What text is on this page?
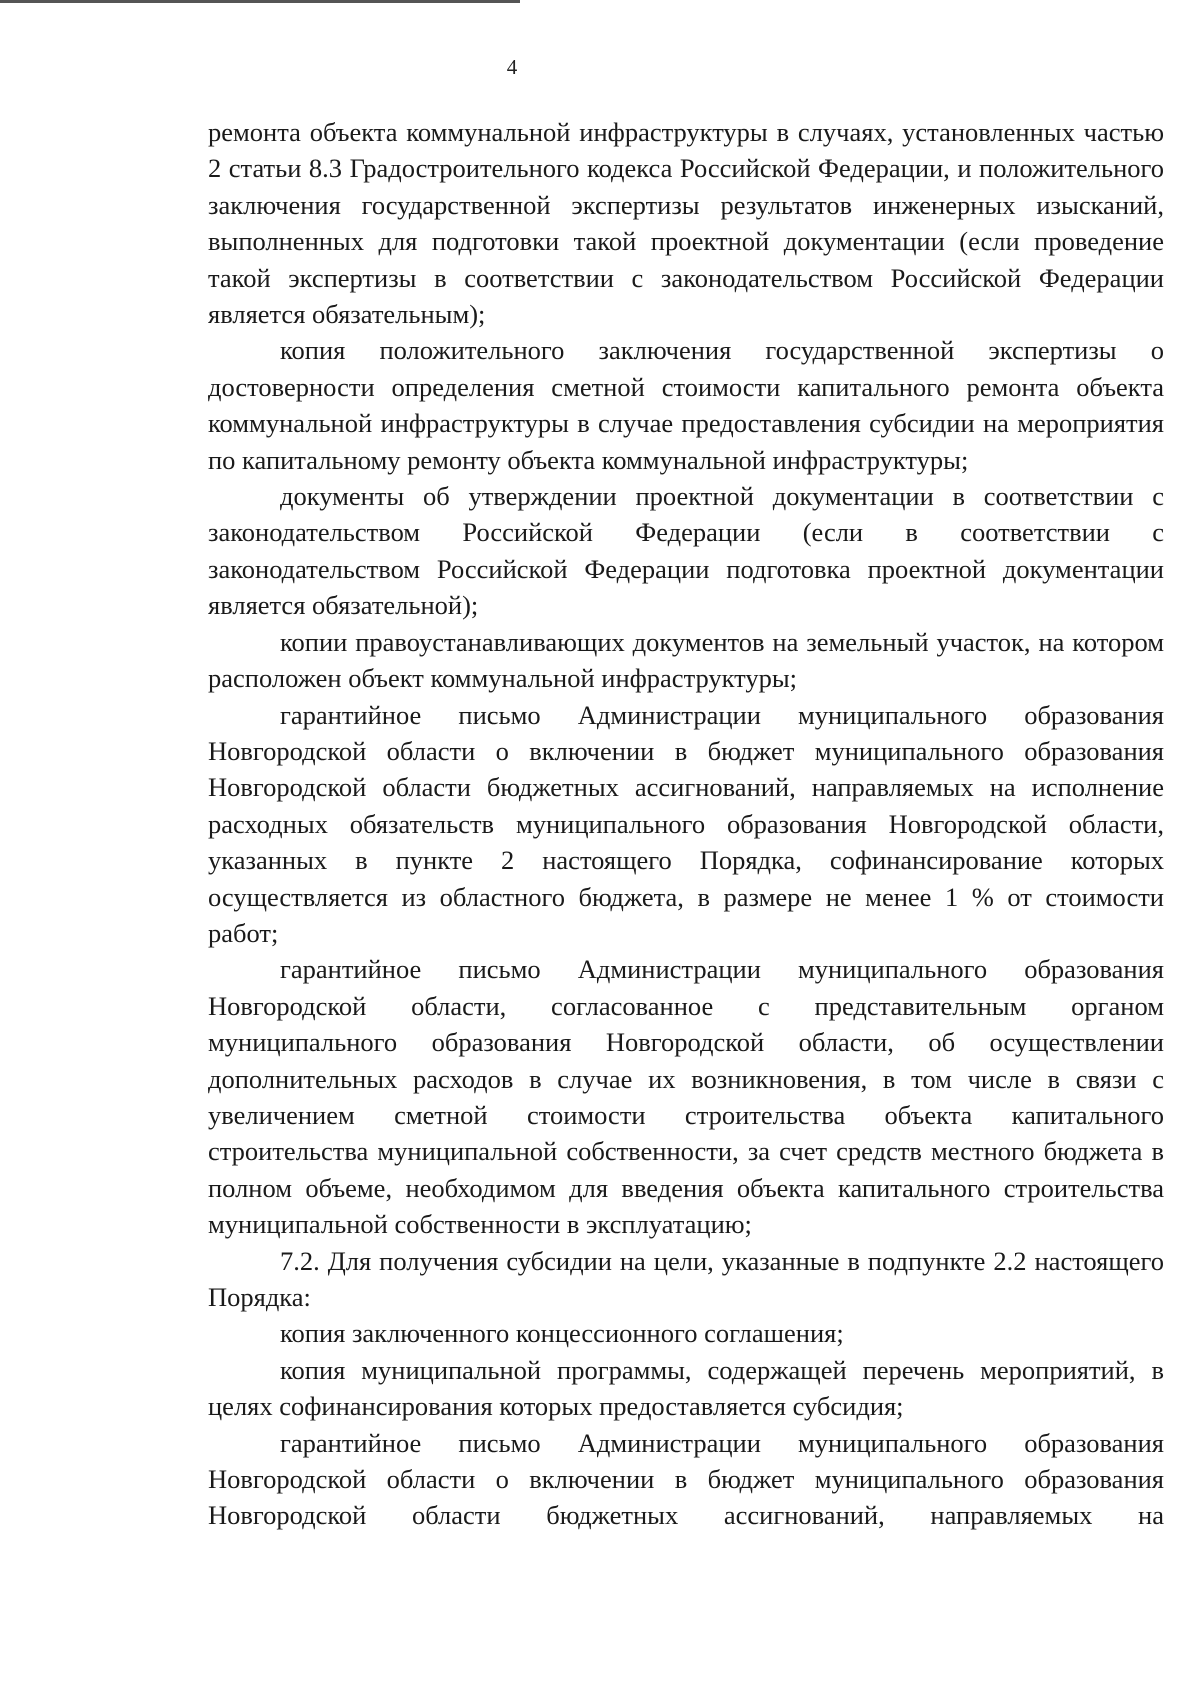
4

ремонта объекта коммунальной инфраструктуры в случаях, установленных частью 2 статьи 8.3 Градостроительного кодекса Российской Федерации, и положительного заключения государственной экспертизы результатов инженерных изысканий, выполненных для подготовки такой проектной документации (если проведение такой экспертизы в соответствии с законодательством Российской Федерации является обязательным);

копия положительного заключения государственной экспертизы о достоверности определения сметной стоимости капитального ремонта объекта коммунальной инфраструктуры в случае предоставления субсидии на мероприятия по капитальному ремонту объекта коммунальной инфраструктуры;

документы об утверждении проектной документации в соответствии с законодательством Российской Федерации (если в соответствии с законодательством Российской Федерации подготовка проектной документации является обязательной);

копии правоустанавливающих документов на земельный участок, на котором расположен объект коммунальной инфраструктуры;

гарантийное письмо Администрации муниципального образования Новгородской области о включении в бюджет муниципального образования Новгородской области бюджетных ассигнований, направляемых на исполнение расходных обязательств муниципального образования Новгородской области, указанных в пункте 2 настоящего Порядка, софинансирование которых осуществляется из областного бюджета, в размере не менее 1 % от стоимости работ;

гарантийное письмо Администрации муниципального образования Новгородской области, согласованное с представительным органом муниципального образования Новгородской области, об осуществлении дополнительных расходов в случае их возникновения, в том числе в связи с увеличением сметной стоимости строительства объекта капитального строительства муниципальной собственности, за счет средств местного бюджета в полном объеме, необходимом для введения объекта капитального строительства муниципальной собственности в эксплуатацию;

7.2. Для получения субсидии на цели, указанные в подпункте 2.2 настоящего Порядка:

копия заключенного концессионного соглашения;

копия муниципальной программы, содержащей перечень мероприятий, в целях софинансирования которых предоставляется субсидия;

гарантийное письмо Администрации муниципального образования Новгородской области о включении в бюджет муниципального образования Новгородской области бюджетных ассигнований, направляемых на
